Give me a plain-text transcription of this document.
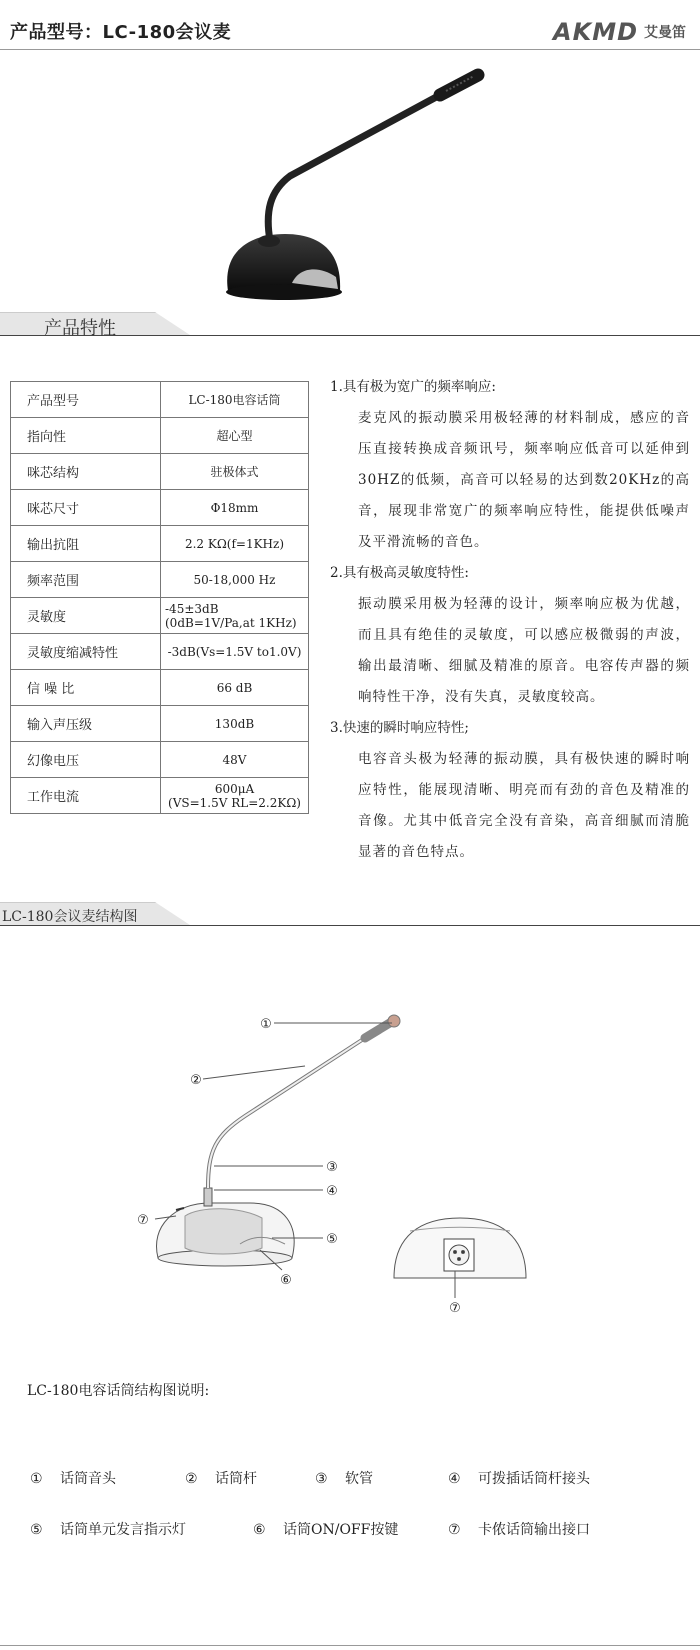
产品型号：LC-180会议麦	AKMD 艾曼笛
产品特性
产品型号	LC-180电容话筒
指向性	超心型
咪芯结构	驻极体式
咪芯尺寸	Φ18mm
输出抗阻	2.2 KΩ(f=1KHz)
频率范围	50-18,000 Hz
灵敏度	-45±3dB
(0dB=1V/Pa,at 1KHz)

灵敏度缩减特性	-3dB(Vs=1.5V to1.0V)
信 噪 比	66 dB
输入声压级	130dB
幻像电压	48V
工作电流	600μA
(VS=1.5V RL=2.2KΩ)
1.具有极为宽广的频率响应:
麦克风的振动膜采用极轻薄的材料制成，感应的音压直接转换成音频讯号，频率响应低音可以延伸到30HZ的低频，高音可以轻易的达到数20KHz的高音，展现非常宽广的频率响应特性，能提供低噪声及平滑流畅的音色。
2.具有极高灵敏度特性:
振动膜采用极为轻薄的设计，频率响应极为优越，而且具有绝佳的灵敏度，可以感应极微弱的声波，输出最清晰、细腻及精准的原音。电容传声器的频响特性干净，没有失真，灵敏度较高。
3.快速的瞬时响应特性;
电容音头极为轻薄的振动膜，具有极快速的瞬时响应特性，能展现清晰、明亮而有劲的音色及精准的音像。尤其中低音完全没有音染，高音细腻而清脆显著的音色特点。
LC-180会议麦结构图
①
②
③
④
⑦
⑤
⑥
⑦
LC-180电容话筒结构图说明:
① 话筒音头	② 话筒杆	③ 软管	④ 可拨插话筒杆接头
⑤ 话筒单元发言指示灯	⑥ 话筒ON/OFF按键	⑦ 卡侬话筒输出接口
